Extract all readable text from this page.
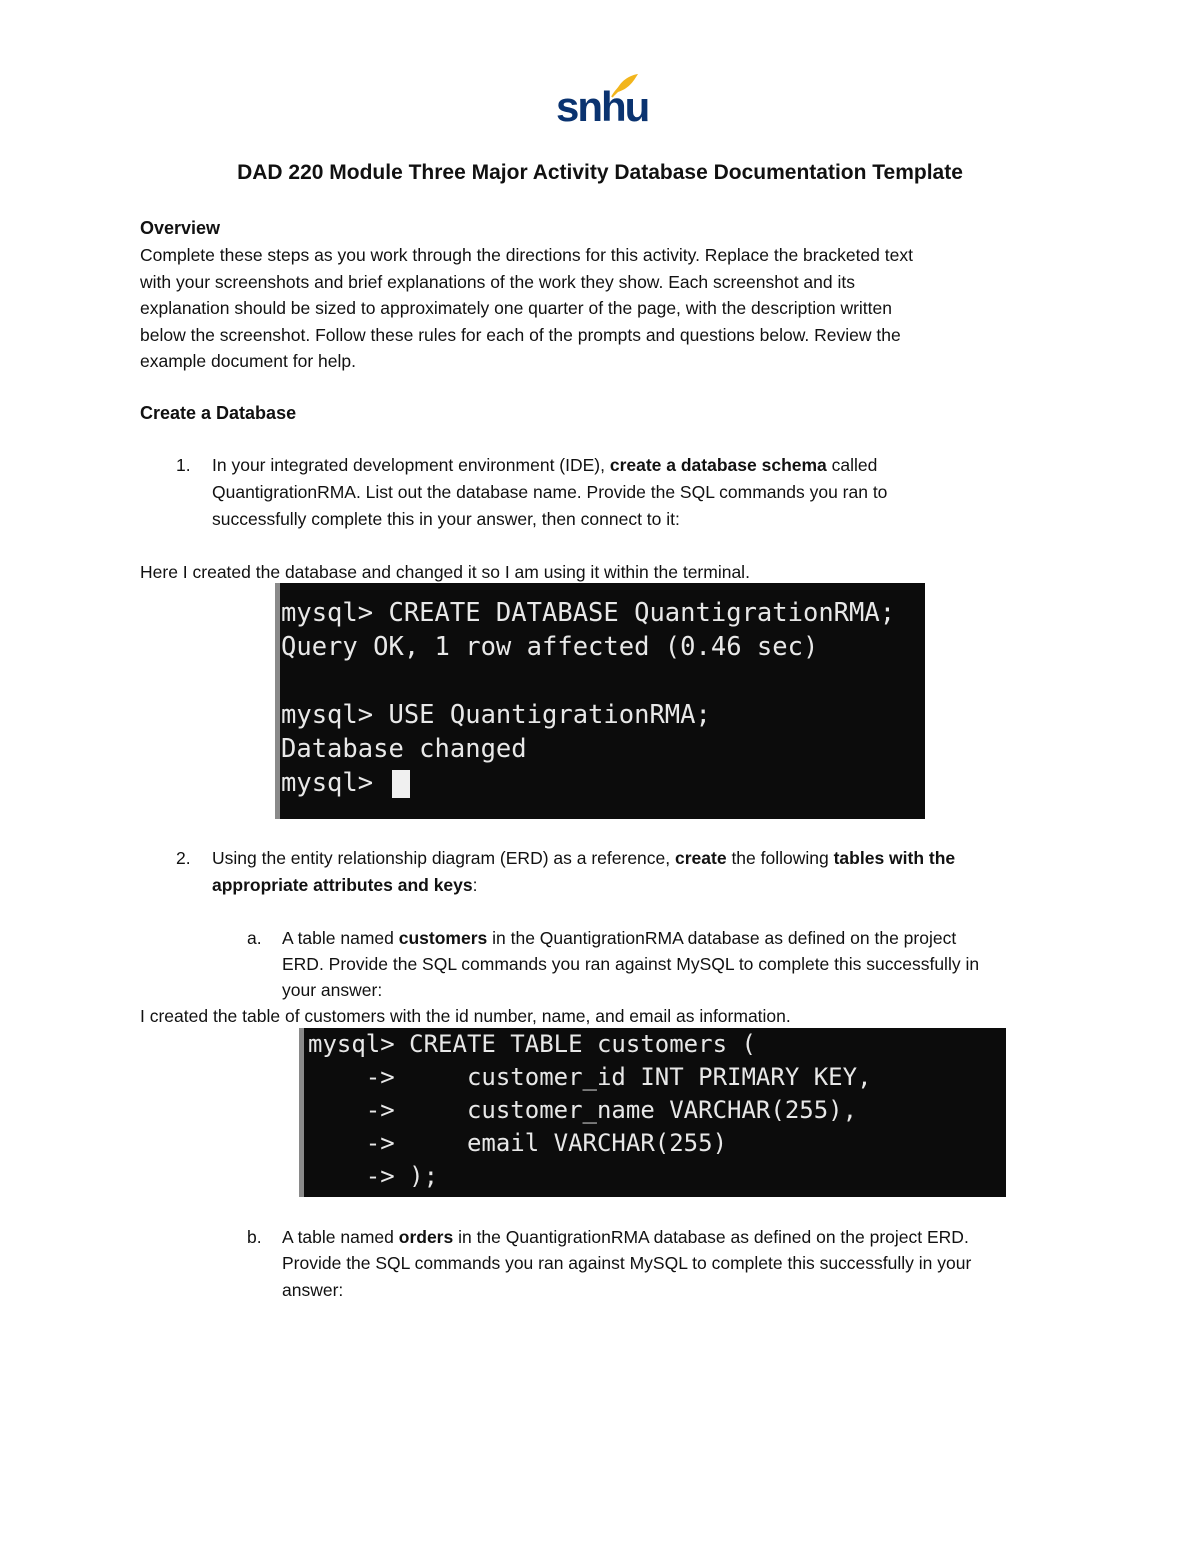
snhu
DAD 220 Module Three Major Activity Database Documentation Template
Overview
Complete these steps as you work through the directions for this activity. Replace the bracketed text
with your screenshots and brief explanations of the work they show. Each screenshot and its
explanation should be sized to approximately one quarter of the page, with the description written
below the screenshot. Follow these rules for each of the prompts and questions below. Review the
example document for help.
Create a Database
1. In your integrated development environment (IDE), create a database schema called
QuantigrationRMA. List out the database name. Provide the SQL commands you ran to
successfully complete this in your answer, then connect to it:
Here I created the database and changed it so I am using it within the terminal.
mysql> CREATE DATABASE QuantigrationRMA;
Query OK, 1 row affected (0.46 sec)
mysql> USE QuantigrationRMA;
Database changed
mysql>
2. Using the entity relationship diagram (ERD) as a reference, create the following tables with the
appropriate attributes and keys:
a. A table named customers in the QuantigrationRMA database as defined on the project
ERD. Provide the SQL commands you ran against MySQL to complete this successfully in
your answer:
I created the table of customers with the id number, name, and email as information.
mysql> CREATE TABLE customers (
->     customer_id INT PRIMARY KEY,
->     customer_name VARCHAR(255),
->     email VARCHAR(255)
-> );
b. A table named orders in the QuantigrationRMA database as defined on the project ERD.
Provide the SQL commands you ran against MySQL to complete this successfully in your
answer:
